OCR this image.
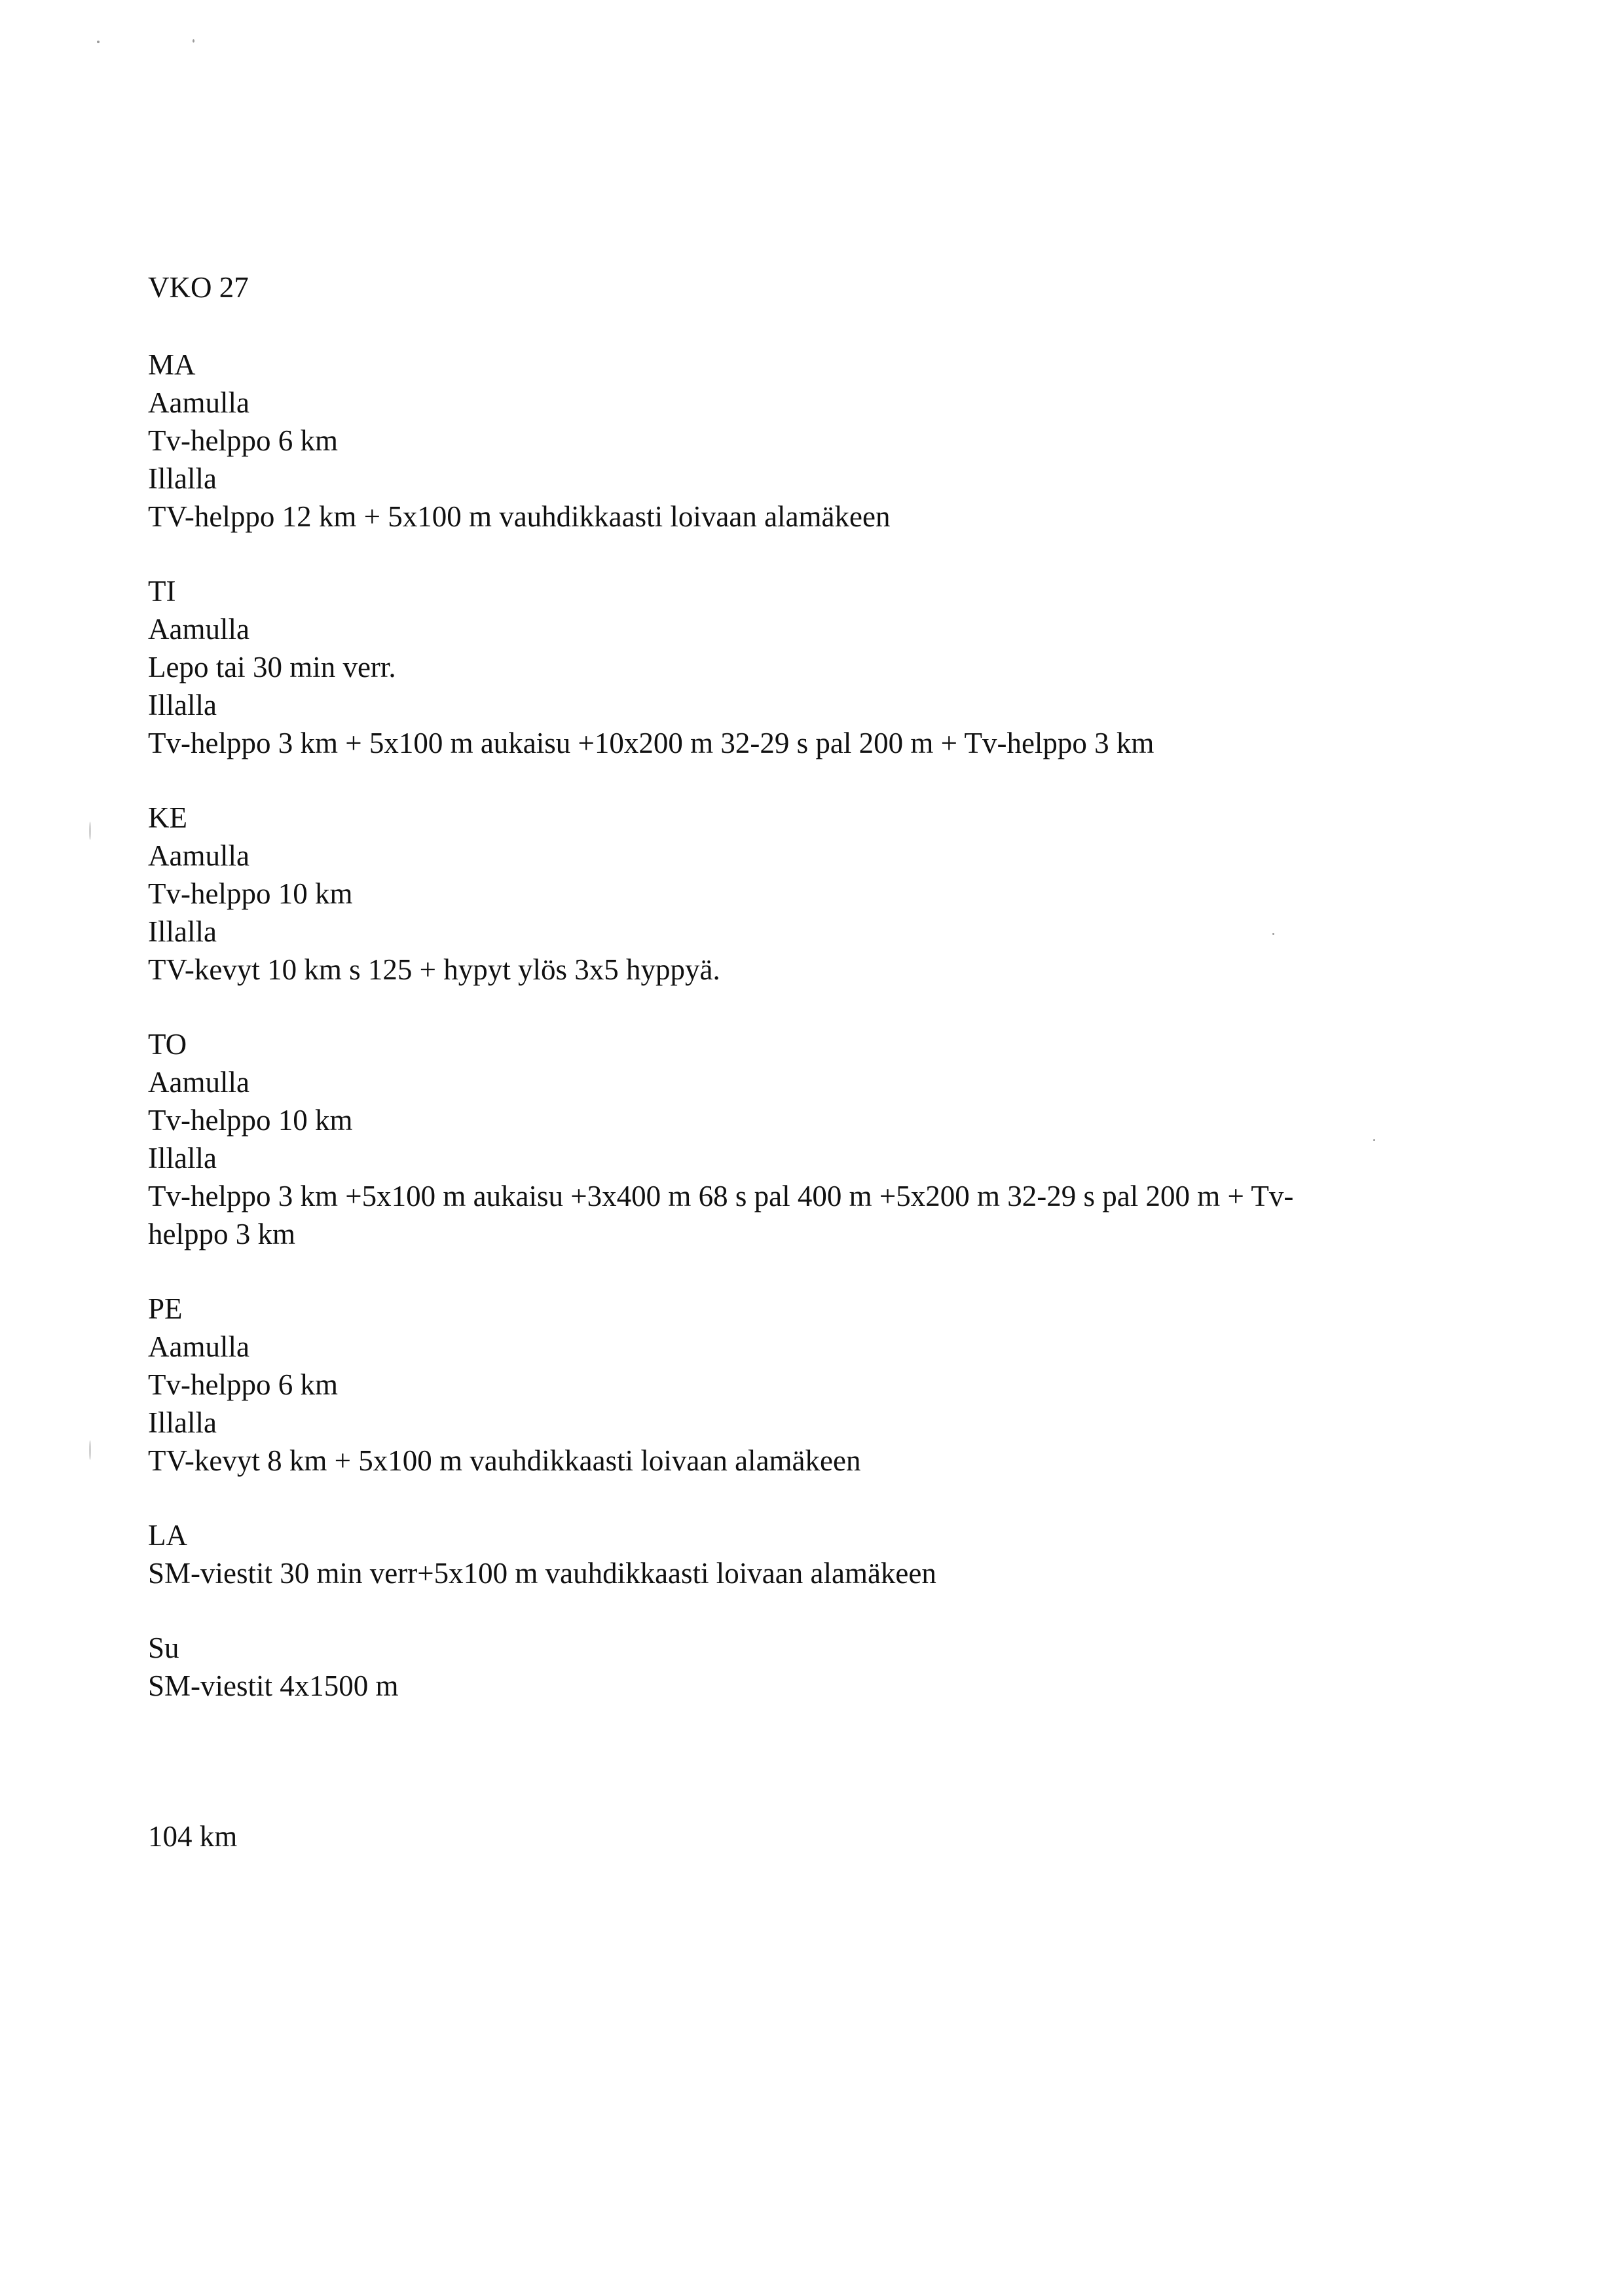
VKO 27
MA
Aamulla
Tv-helppo 6 km
Illalla
TV-helppo 12 km + 5x100 m vauhdikkaasti loivaan alamäkeen
TI
Aamulla
Lepo tai 30 min verr.
Illalla
Tv-helppo 3 km + 5x100 m aukaisu +10x200 m 32-29 s pal 200 m + Tv-helppo 3 km
KE
Aamulla
Tv-helppo 10 km
Illalla
TV-kevyt 10 km s 125 + hypyt ylös 3x5 hyppyä.
TO
Aamulla
Tv-helppo 10 km
Illalla
Tv-helppo 3 km +5x100 m aukaisu +3x400 m 68 s pal 400 m +5x200 m 32-29 s pal 200 m + Tv-
helppo 3 km
PE
Aamulla
Tv-helppo 6 km
Illalla
TV-kevyt 8 km + 5x100 m vauhdikkaasti loivaan alamäkeen
LA
SM-viestit 30 min verr+5x100 m vauhdikkaasti loivaan alamäkeen
Su
SM-viestit 4x1500 m
104 km
